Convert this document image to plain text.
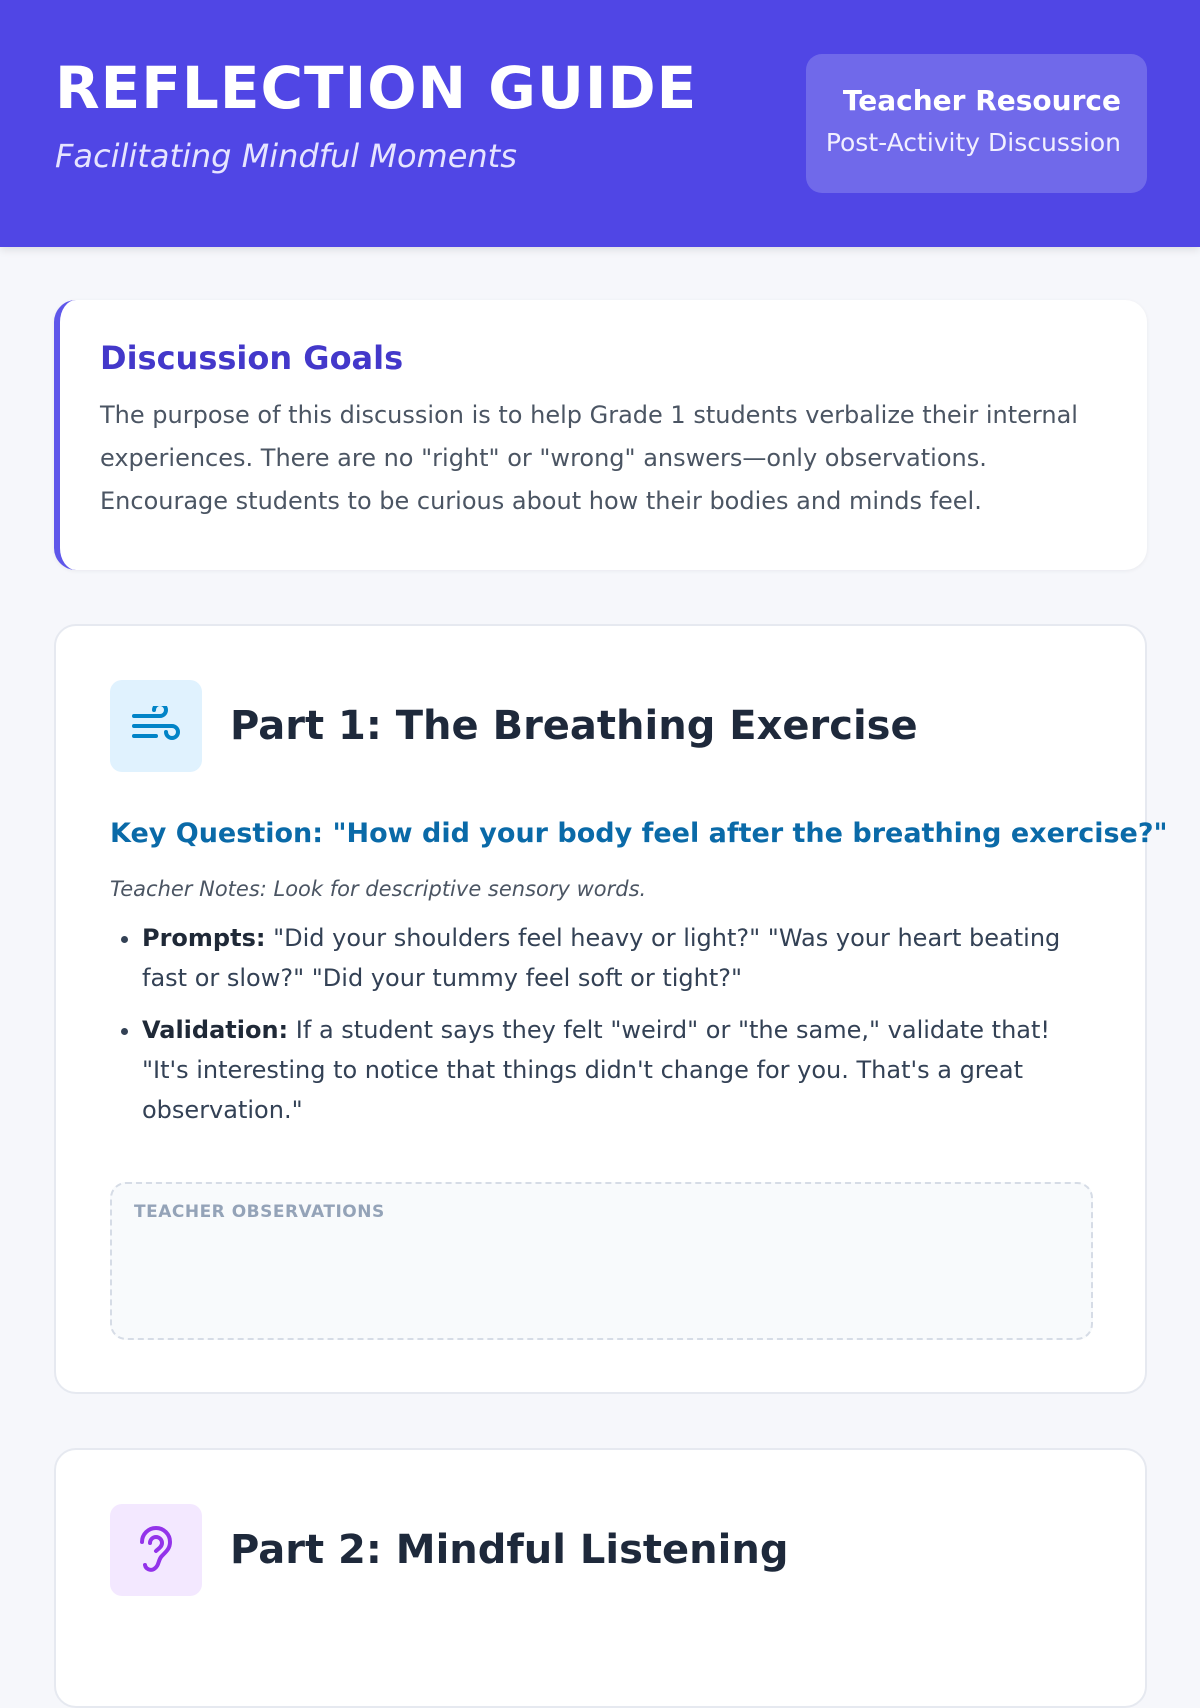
REFLECTION GUIDE
Facilitating Mindful Moments
Teacher Resource
Post-Activity Discussion
Discussion Goals

The purpose of this discussion is to help Grade 1 students verbalize their internal experiences. There are no "right" or "wrong" answers—only observations. Encourage students to be curious about how their bodies and minds feel.

Part 1: The Breathing Exercise
Key Question: "How did your body feel after the breathing exercise?"

Teacher Notes: Look for descriptive sensory words.

• Prompts: "Did your shoulders feel heavy or light?" "Was your heart beating fast or slow?" "Did your tummy feel soft or tight?"
• Validation: If a student says they felt "weird" or "the same," validate that! "It's interesting to notice that things didn't change for you. That's a great observation."
TEACHER OBSERVATIONS
Part 2: Mindful Listening
